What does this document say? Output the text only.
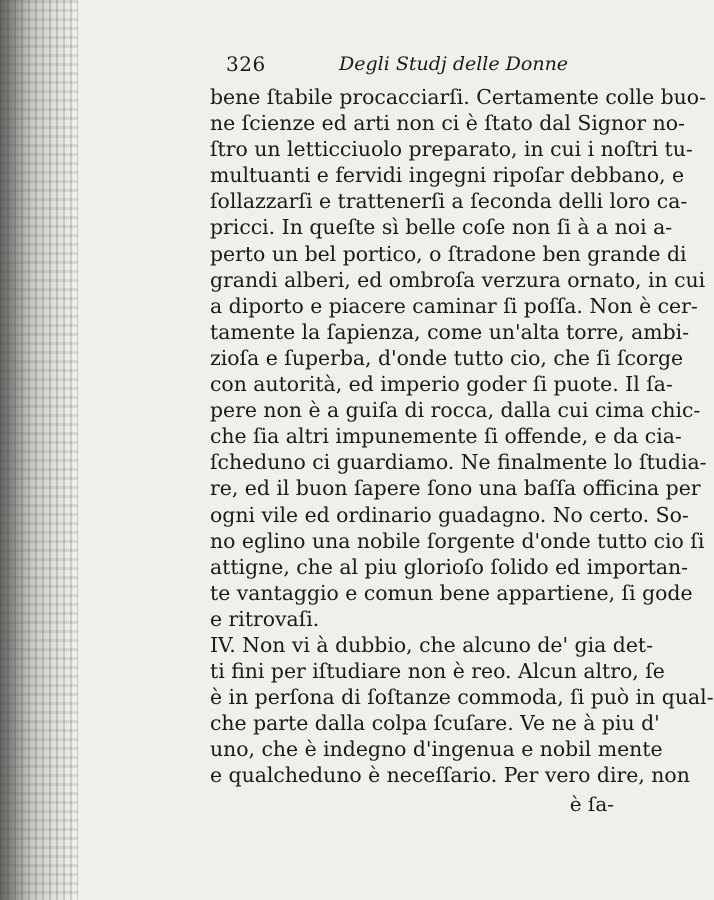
326	Degli Studj delle Donne
bene ſtabile procacciarſi. Certamente colle buo-
ne ſcienze ed arti non ci è ſtato dal Signor no-
ſtro un letticciuolo preparato, in cui i noſtri tu-
multuanti e fervidi ingegni ripoſar debbano, e
ſollazzarſi e trattenerſi a ſeconda delli loro ca-
pricci. In queſte sì belle coſe non ſi à a noi a-
perto un bel portico, o ſtradone ben grande di
grandi alberi, ed ombroſa verzura ornato, in cui
a diporto e piacere caminar ſi poſſa. Non è cer-
tamente la ſapienza, come un'alta torre, ambi-
zioſa e ſuperba, d'onde tutto cio, che ſi ſcorge
con autorità, ed imperio goder ſi puote. Il ſa-
pere non è a guiſa di rocca, dalla cui cima chic-
che ſia altri impunemente ſi offende, e da cia-
ſcheduno ci guardiamo. Ne finalmente lo ſtudia-
re, ed il buon ſapere ſono una baſſa officina per
ogni vile ed ordinario guadagno. No certo. So-
no eglino una nobile ſorgente d'onde tutto cio ſi
attigne, che al piu glorioſo ſolido ed importan-
te vantaggio e comun bene appartiene, ſi gode
e ritrovaſi.
IV. Non vi à dubbio, che alcuno de' gia det-
ti fini per iſtudiare non è reo. Alcun altro, ſe
è in perſona di ſoſtanze commoda, ſi può in qual-
che parte dalla colpa ſcuſare. Ve ne à piu d'
uno, che è indegno d'ingenua e nobil mente
e qualcheduno è neceſſario. Per vero dire, non
è ſa-
